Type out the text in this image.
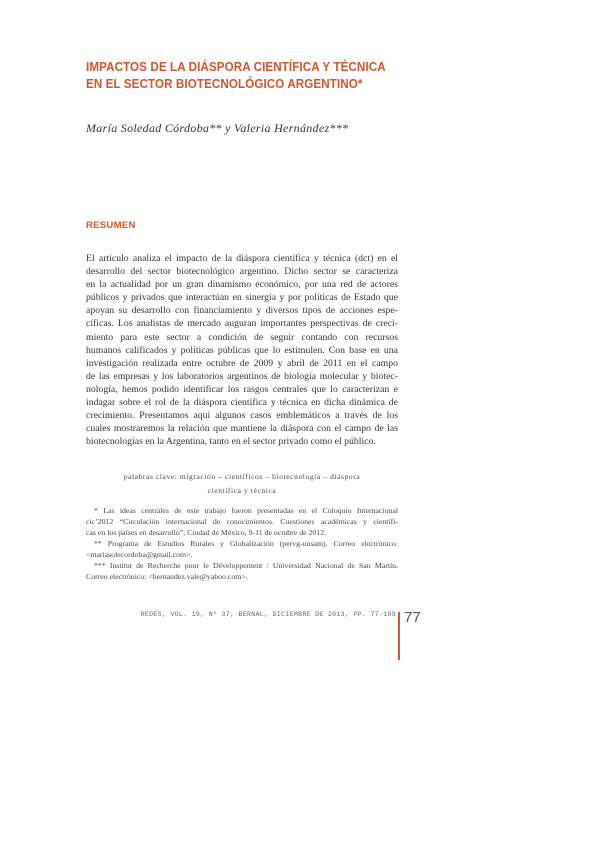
IMPACTOS DE LA DIÁSPORA CIENTÍFICA Y TÉCNICA
EN EL SECTOR BIOTECNOLÓGICO ARGENTINO*
María Soledad Córdoba** y Valeria Hernández***
RESUMEN
El artículo analiza el impacto de la diáspora científica y técnica (dct) en el
desarrollo del sector biotecnológico argentino. Dicho sector se caracteriza
en la actualidad por un gran dinamismo económico, por una red de actores
públicos y privados que interactúan en sinergia y por políticas de Estado que
apoyan su desarrollo con financiamiento y diversos tipos de acciones espe-
cíficas. Los analistas de mercado auguran importantes perspectivas de creci-
miento para este sector a condición de seguir contando con recursos
humanos calificados y políticas públicas que lo estimulen. Con base en una
investigación realizada entre octubre de 2009 y abril de 2011 en el campo
de las empresas y los laboratorios argentinos de biología molecular y biotec-
nología, hemos podido identificar los rasgos centrales que lo caracterizan e
indagar sobre el rol de la diáspora científica y técnica en dicha dinámica de
crecimiento. Presentamos aquí algunos casos emblemáticos a través de los
cuales mostraremos la relación que mantiene la diáspora con el campo de las
biotecnologías en la Argentina, tanto en el sector privado como el público.
palabras clave: migración – científicos – biotecnología – diáspora
científica y técnica
* Las ideas centrales de este trabajo fueron presentadas en el Coloquio Internacional
cic’2012 “Circulación internacional de conocimientos. Cuestiones académicas y científi-
cas en los países en desarrollo”, Ciudad de México, 9-11 de octubre de 2012.
** Programa de Estudios Rurales y Globalización (pervg-unsam). Correo electrónico:
<mariasolecordoba@gmail.com>.
*** Institut de Recherche pour le Développement / Universidad Nacional de San Martín.
Correo electrónico: <hernandez.vale@yahoo.com>.
REDES, VOL. 19, Nº 37, BERNAL, DICIEMBRE DE 2013, PP. 77-109 77
